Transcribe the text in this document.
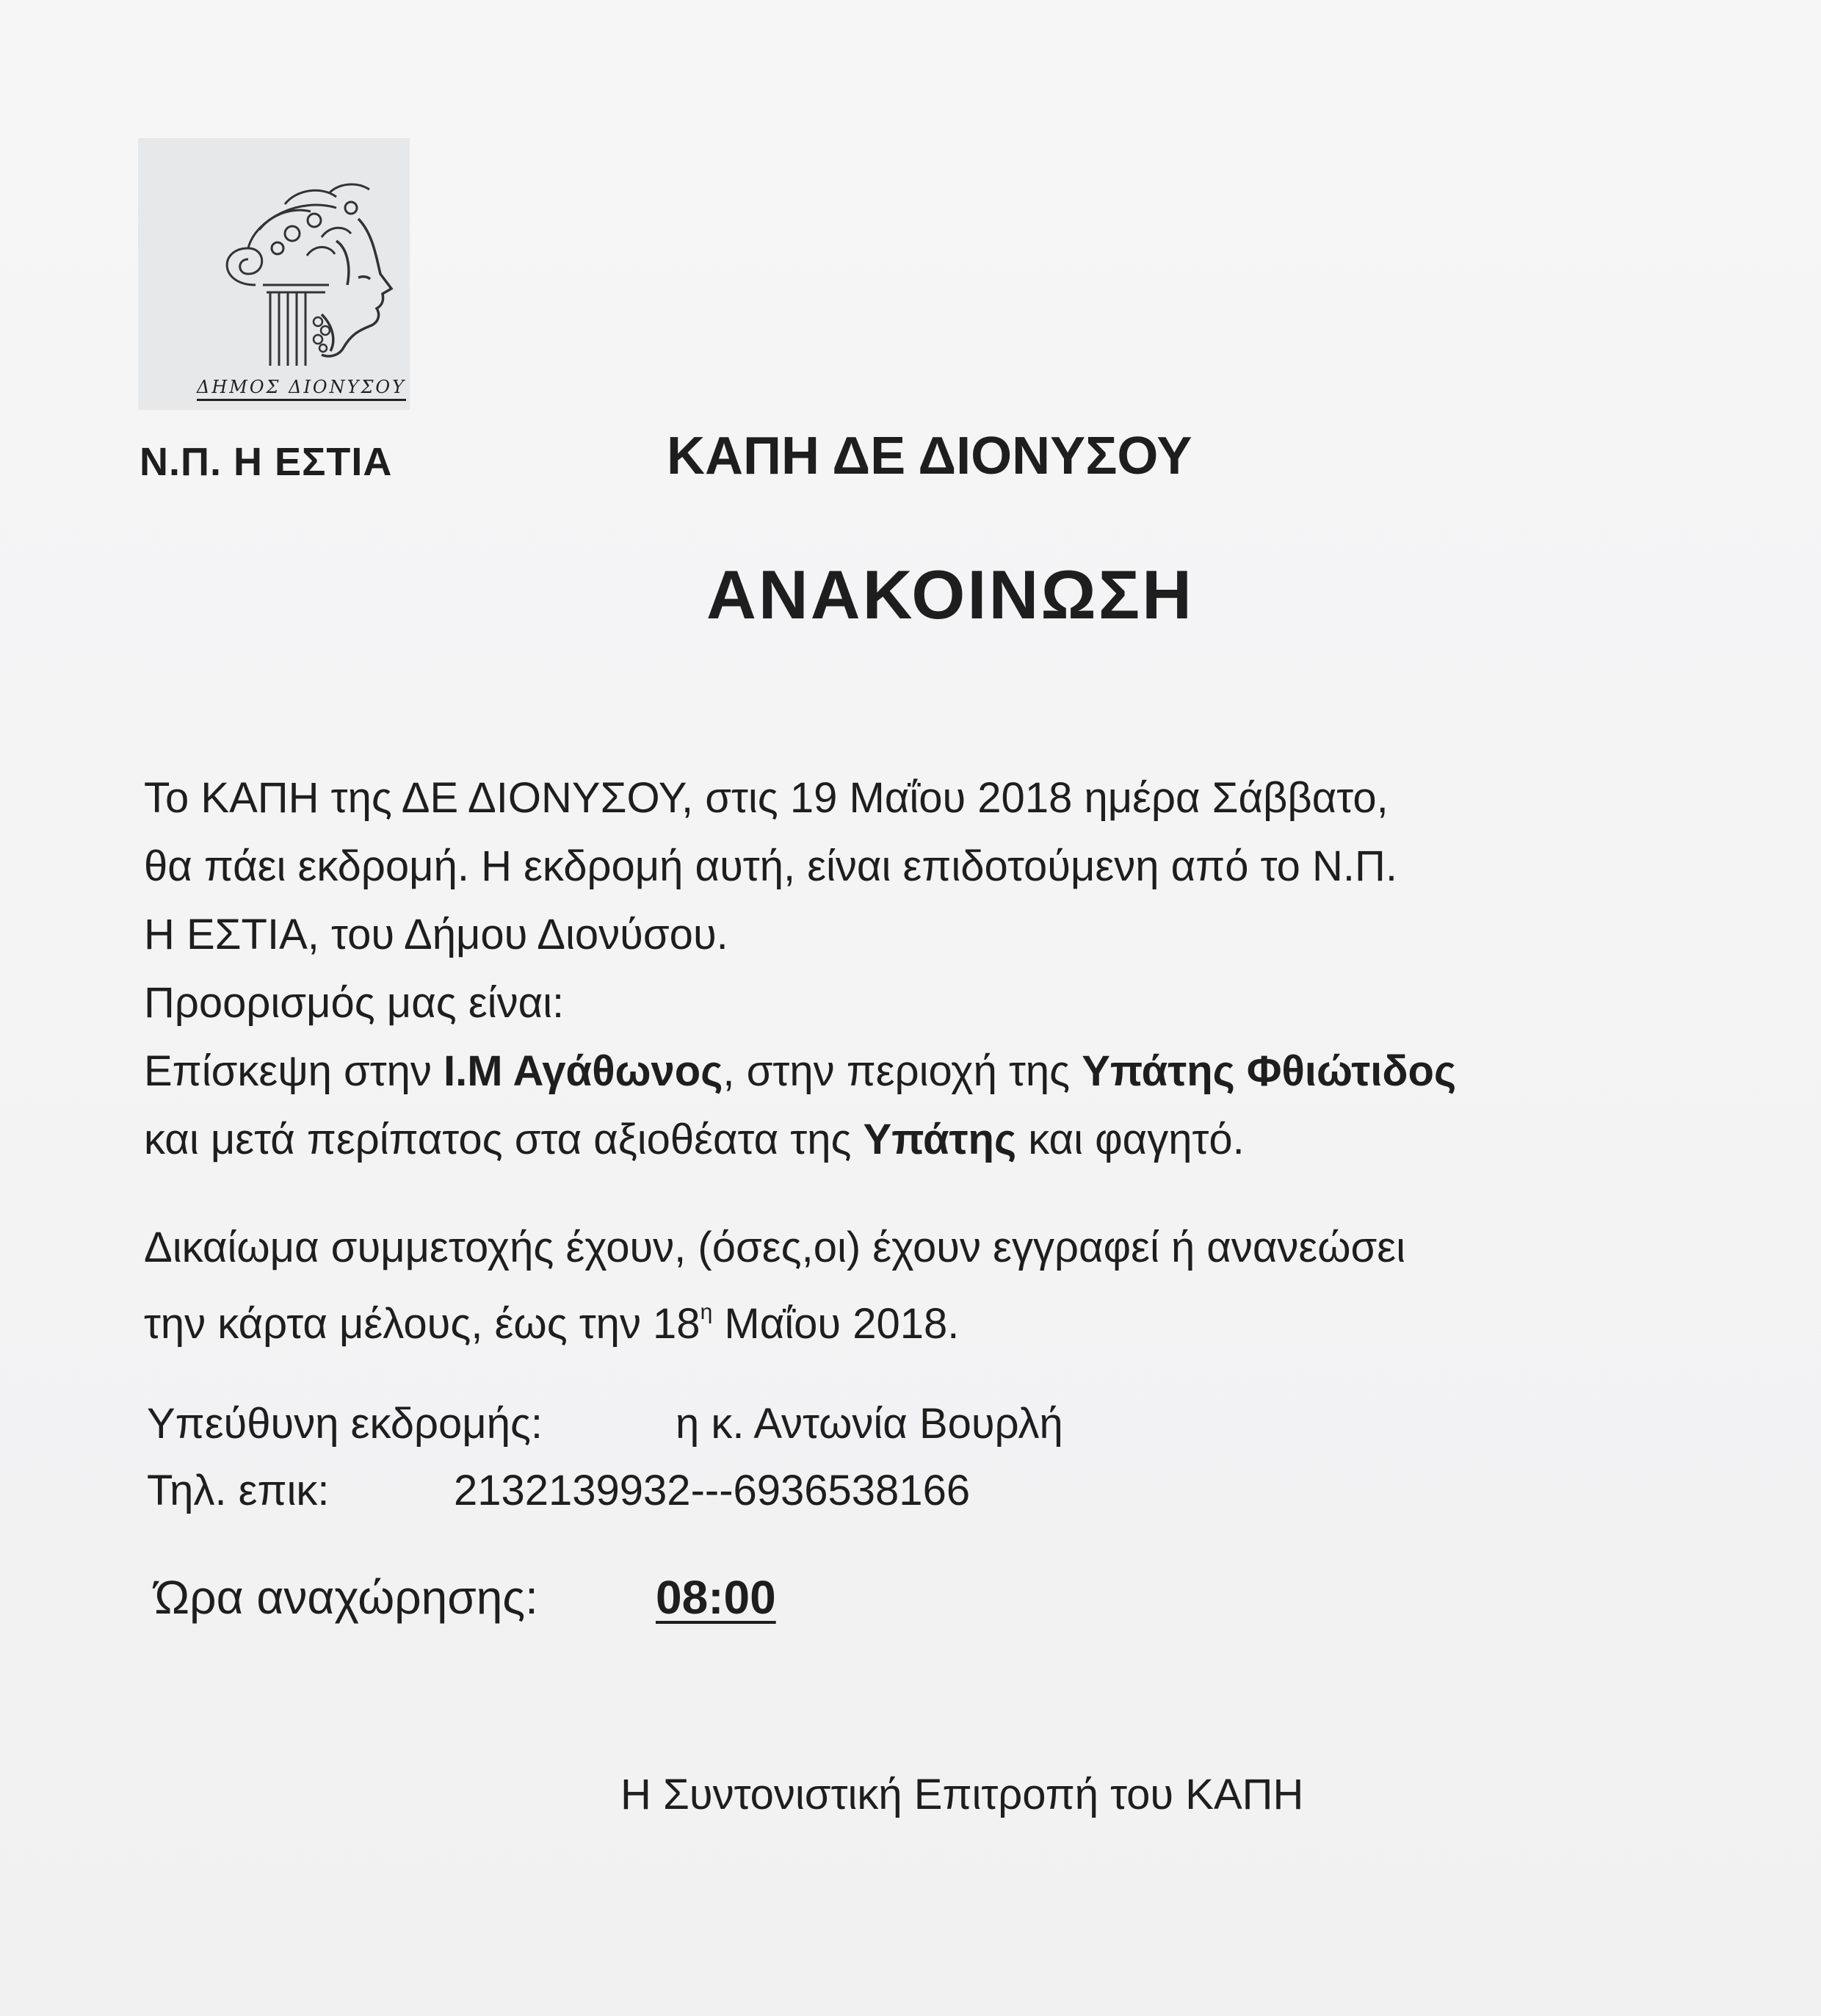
ΔΗΜΟΣ ΔΙΟΝΥΣΟΥ
Ν.Π. Η ΕΣΤΙΑ	ΚΑΠΗ ΔΕ ΔΙΟΝΥΣΟΥ
ΑΝΑΚΟΙΝΩΣΗ
Το ΚΑΠΗ της ΔΕ ΔΙΟΝΥΣΟΥ, στις 19 Μαΐου 2018 ημέρα Σάββατο,
θα πάει εκδρομή. Η εκδρομή αυτή, είναι επιδοτούμενη από το Ν.Π.
Η ΕΣΤΙΑ, του Δήμου Διονύσου.
Προορισμός μας είναι:
Επίσκεψη στην Ι.Μ Αγάθωνος, στην περιοχή της Υπάτης Φθιώτιδος
και μετά περίπατος στα αξιοθέατα της Υπάτης και φαγητό.
Δικαίωμα συμμετοχής έχουν, (όσες,οι) έχουν εγγραφεί ή ανανεώσει
την κάρτα μέλους, έως την $18^\eta$ Μαΐου 2018.
Υπεύθυνη εκδρομής:	η κ. Αντωνία Βουρλή
Τηλ. επικ:	2132139932---6936538166
Ώρα αναχώρησης:	08:00
Η Συντονιστική Επιτροπή του ΚΑΠΗ
